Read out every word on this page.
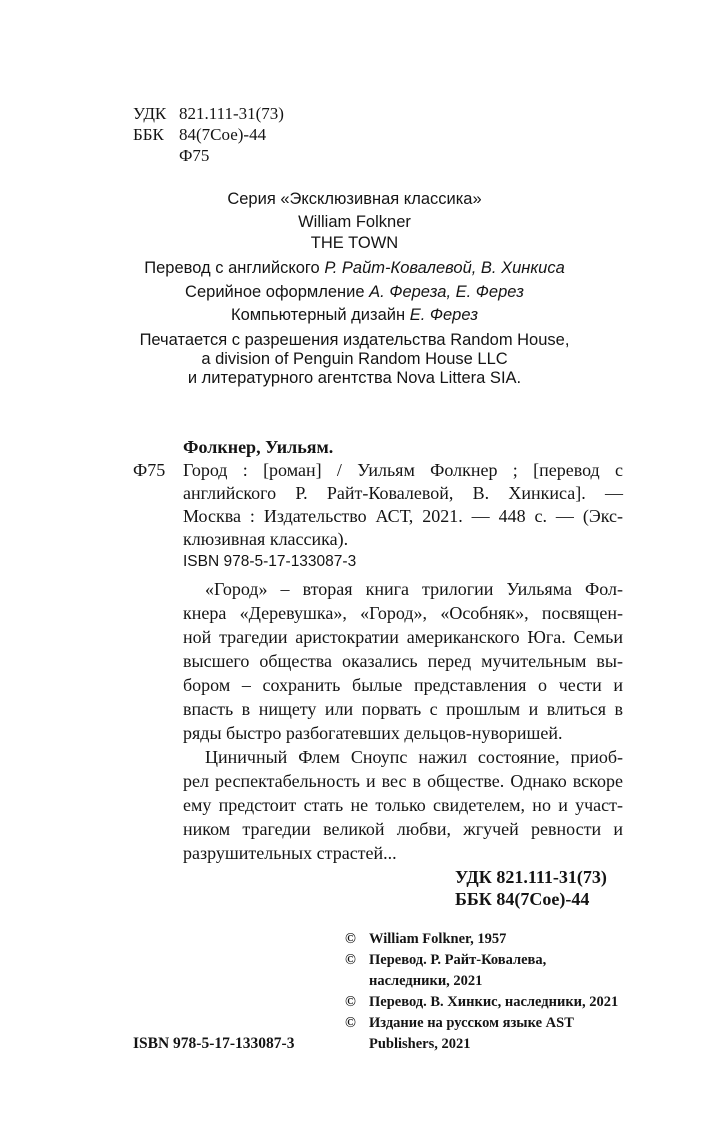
УДК 821.111-31(73)
ББК 84(7Сое)-44
Ф75
Серия «Эксклюзивная классика»
William Folkner
THE TOWN
Перевод с английского Р. Райт-Ковалевой, В. Хинкиса
Серийное оформление А. Фереза, Е. Ферез
Компьютерный дизайн Е. Ферез
Печатается с разрешения издательства Random House,
a division of Penguin Random House LLC
и литературного агентства Nova Littera SIA.
Фолкнер, Уильям.
Ф75 Город : [роман] / Уильям Фолкнер ; [перевод с
английского Р. Райт-Ковалевой, В. Хинкиса]. —
Москва : Издательство АСТ, 2021. — 448 с. — (Экс-
клюзивная классика).
ISBN 978-5-17-133087-3
«Город» – вторая книга трилогии Уильяма Фол-
кнера «Деревушка», «Город», «Особняк», посвящен-
ной трагедии аристократии американского Юга. Семьи
высшего общества оказались перед мучительным вы-
бором – сохранить былые представления о чести и
впасть в нищету или порвать с прошлым и влиться в
ряды быстро разбогатевших дельцов-нуворишей.
Циничный Флем Сноупс нажил состояние, приоб-
рел респектабельность и вес в обществе. Однако вскоре
ему предстоит стать не только свидетелем, но и участ-
ником трагедии великой любви, жгучей ревности и
разрушительных страстей...
УДК 821.111-31(73)
ББК 84(7Сое)-44
© William Folkner, 1957
© Перевод. Р. Райт-Ковалева,
наследники, 2021
© Перевод. В. Хинкис, наследники, 2021
© Издание на русском языке AST
Publishers, 2021
ISBN 978-5-17-133087-3
